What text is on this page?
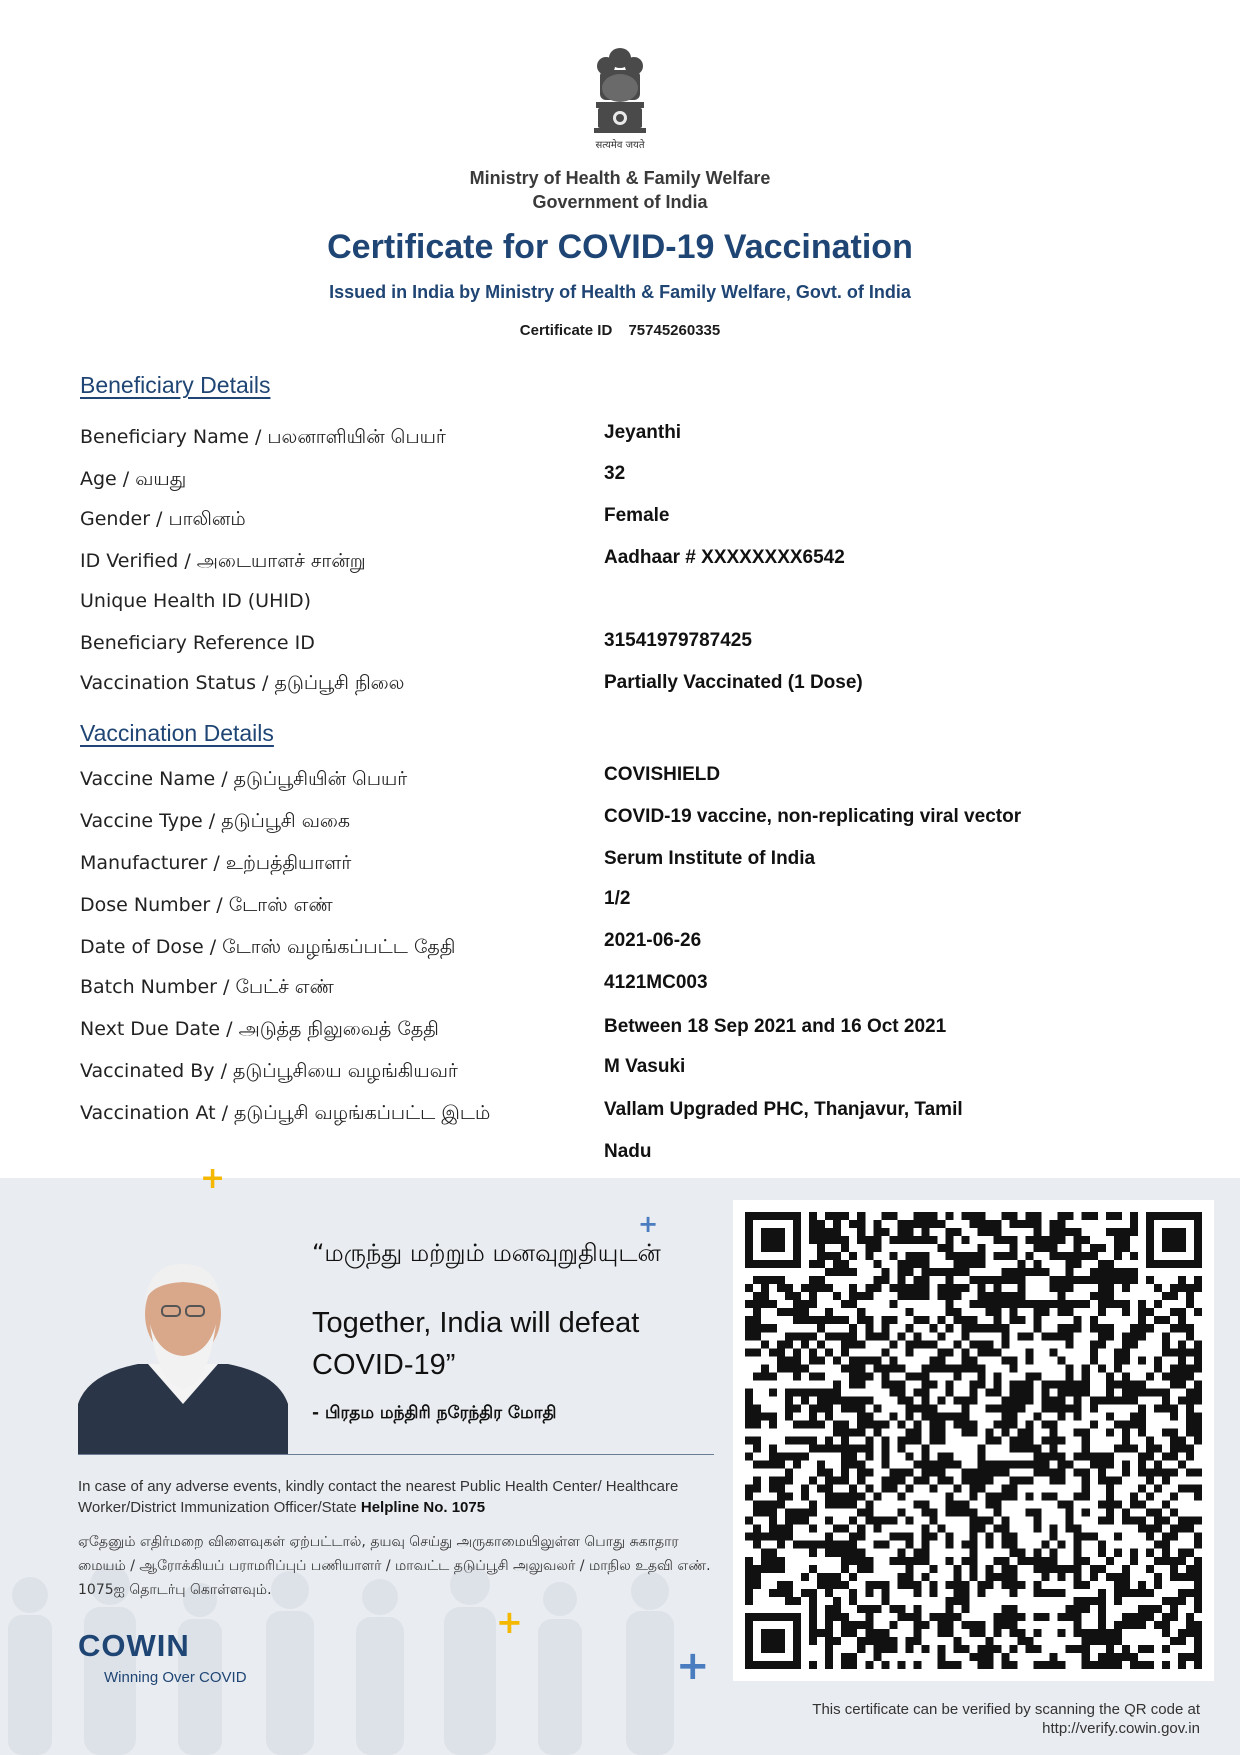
सत्यमेव जयते
Ministry of Health & Family Welfare
Government of India
Certificate for COVID-19 Vaccination
Issued in India by Ministry of Health & Family Welfare, Govt. of India
Certificate ID 75745260335
Beneficiary Details
Beneficiary Name / பலனாளியின் பெயர்	Jeyanthi
Age / வயது	32
Gender / பாலினம்	Female
ID Verified / அடையாளச் சான்று	Aadhaar # XXXXXXXX6542
Unique Health ID (UHID)
Beneficiary Reference ID	31541979787425
Vaccination Status / தடுப்பூசி நிலை	Partially Vaccinated (1 Dose)
Vaccination Details
Vaccine Name / தடுப்பூசியின் பெயர்	COVISHIELD
Vaccine Type / தடுப்பூசி வகை	COVID-19 vaccine, non-replicating viral vector
Manufacturer / உற்பத்தியாளர்	Serum Institute of India
Dose Number / டோஸ் எண்	1/2
Date of Dose / டோஸ் வழங்கப்பட்ட தேதி	2021-06-26
Batch Number / பேட்ச் எண்	4121MC003
Next Due Date / அடுத்த நிலுவைத் தேதி	Between 18 Sep 2021 and 16 Oct 2021
Vaccinated By / தடுப்பூசியை வழங்கியவர்	M Vasuki
Vaccination At / தடுப்பூசி வழங்கப்பட்ட இடம்	Vallam Upgraded PHC, Thanjavur, Tamil Nadu
+
+
+
+
“மருந்து மற்றும் மனவுறுதியுடன்
Together, India will defeat COVID-19”
- பிரதம மந்திரி நரேந்திர மோதி
In case of any adverse events, kindly contact the nearest Public Health Center/ Healthcare Worker/District Immunization Officer/State Helpline No. 1075
ஏதேனும் எதிர்மறை விளைவுகள் ஏற்பட்டால், தயவு செய்து அருகாமையிலுள்ள பொது சுகாதார மையம் / ஆரோக்கியப் பராமரிப்புப் பணியாளர் / மாவட்ட தடுப்பூசி அலுவலர் / மாநில உதவி எண். 1075ஐ தொடர்பு கொள்ளவும்.
COWIN
Winning Over COVID
This certificate can be verified by scanning the QR code at
http://verify.cowin.gov.in
